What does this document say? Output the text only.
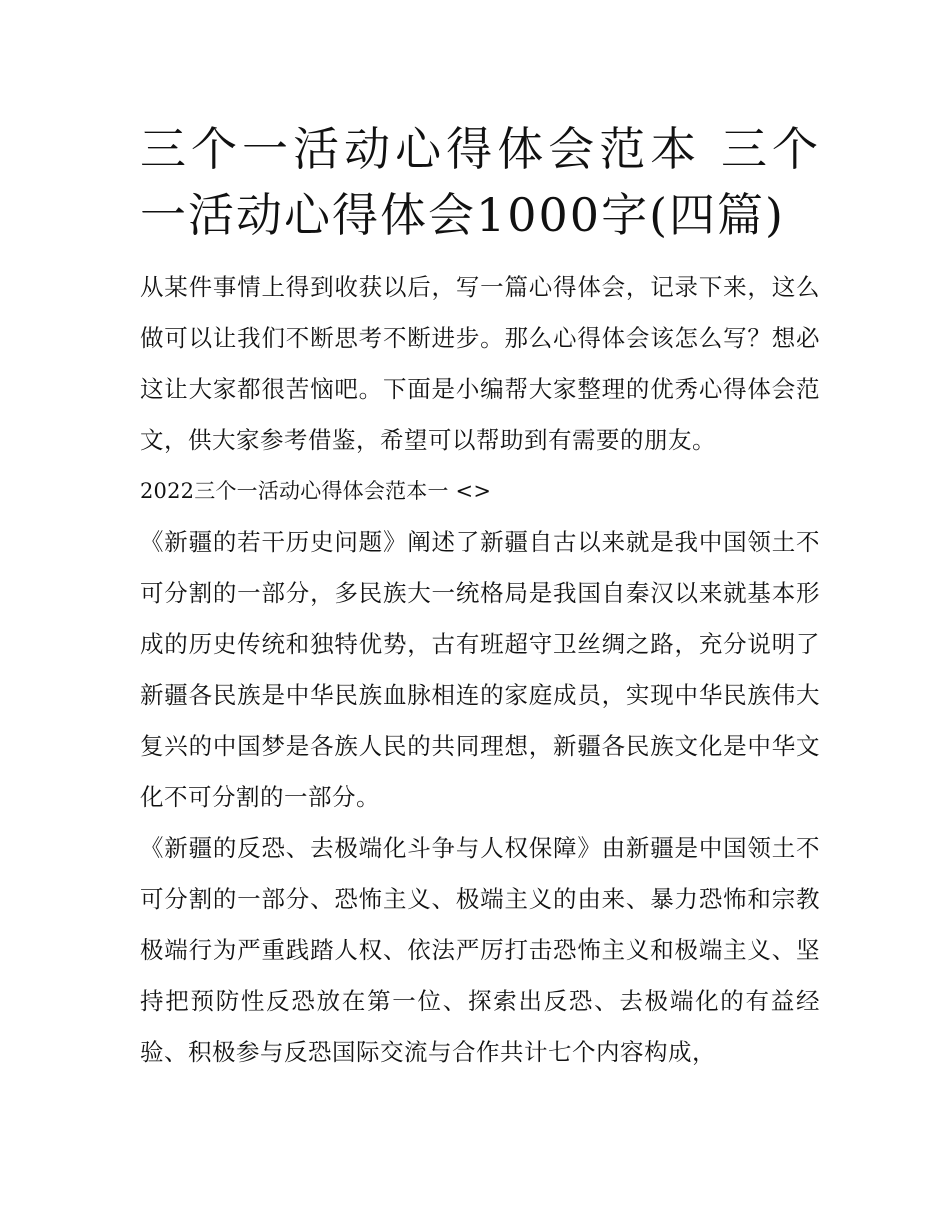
三个一活动心得体会范本 三个一活动心得体会1000字(四篇)

从某件事情上得到收获以后，写一篇心得体会，记录下来，这么做可以让我们不断思考不断进步。那么心得体会该怎么写？想必这让大家都很苦恼吧。下面是小编帮大家整理的优秀心得体会范文，供大家参考借鉴，希望可以帮助到有需要的朋友。

2022三个一活动心得体会范本一 <>

《新疆的若干历史问题》阐述了新疆自古以来就是我中国领土不可分割的一部分，多民族大一统格局是我国自秦汉以来就基本形成的历史传统和独特优势，古有班超守卫丝绸之路，充分说明了新疆各民族是中华民族血脉相连的家庭成员，实现中华民族伟大复兴的中国梦是各族人民的共同理想，新疆各民族文化是中华文化不可分割的一部分。

《新疆的反恐、去极端化斗争与人权保障》由新疆是中国领土不可分割的一部分、恐怖主义、极端主义的由来、暴力恐怖和宗教极端行为严重践踏人权、依法严厉打击恐怖主义和极端主义、坚持把预防性反恐放在第一位、探索出反恐、去极端化的有益经验、积极参与反恐国际交流与合作共计七个内容构成，
